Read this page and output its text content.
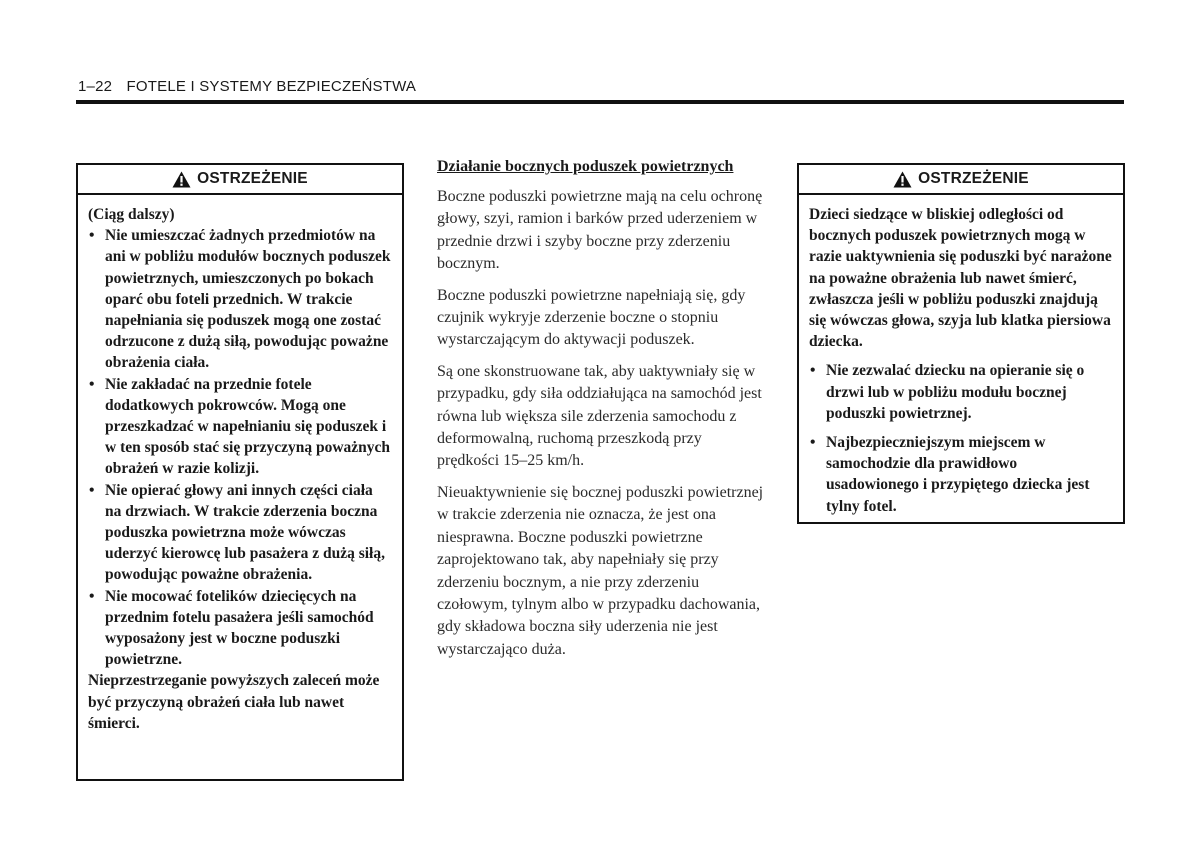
1–22 FOTELE I SYSTEMY BEZPIECZEŃSTWA
OSTRZEŻENIE

(Ciąg dalszy)

• Nie umieszczać żadnych przedmiotów na ani w pobliżu modułów bocznych poduszek powietrznych, umieszczonych po bokach oparć obu foteli przednich. W trakcie napełniania się poduszek mogą one zostać odrzucone z dużą siłą, powodując poważne obrażenia ciała.
• Nie zakładać na przednie fotele dodatkowych pokrowców. Mogą one przeszkadzać w napełnianiu się poduszek i w ten sposób stać się przyczyną poważnych obrażeń w razie kolizji.
• Nie opierać głowy ani innych części ciała na drzwiach. W trakcie zderzenia boczna poduszka powietrzna może wówczas uderzyć kierowcę lub pasażera z dużą siłą, powodując poważne obrażenia.
• Nie mocować fotelików dziecięcych na przednim fotelu pasażera jeśli samochód wyposażony jest w boczne poduszki powietrzne.

Nieprzestrzeganie powyższych zaleceń może być przyczyną obrażeń ciała lub nawet śmierci.

Działanie bocznych poduszek powietrznych

Boczne poduszki powietrzne mają na celu ochronę głowy, szyi, ramion i barków przed uderzeniem w przednie drzwi i szyby boczne przy zderzeniu bocznym.

Boczne poduszki powietrzne napełniają się, gdy czujnik wykryje zderzenie boczne o stopniu wystarczającym do aktywacji poduszek.

Są one skonstruowane tak, aby uaktywniały się w przypadku, gdy siła oddziałująca na samochód jest równa lub większa sile zderzenia samochodu z deformowalną, ruchomą przeszkodą przy prędkości 15–25 km/h.

Nieuaktywnienie się bocznej poduszki powietrznej w trakcie zderzenia nie oznacza, że jest ona niesprawna. Boczne poduszki powietrzne zaprojektowano tak, aby napełniały się przy zderzeniu bocznym, a nie przy zderzeniu czołowym, tylnym albo w przypadku dachowania, gdy składowa boczna siły uderzenia nie jest wystarczająco duża.

OSTRZEŻENIE

Dzieci siedzące w bliskiej odległości od bocznych poduszek powietrznych mogą w razie uaktywnienia się poduszki być narażone na poważne obrażenia lub nawet śmierć, zwłaszcza jeśli w pobliżu poduszki znajdują się wówczas głowa, szyja lub klatka piersiowa dziecka.

• Nie zezwalać dziecku na opieranie się o drzwi lub w pobliżu modułu bocznej poduszki powietrznej.
• Najbezpieczniejszym miejscem w samochodzie dla prawidłowo usadowionego i przypiętego dziecka jest tylny fotel.
